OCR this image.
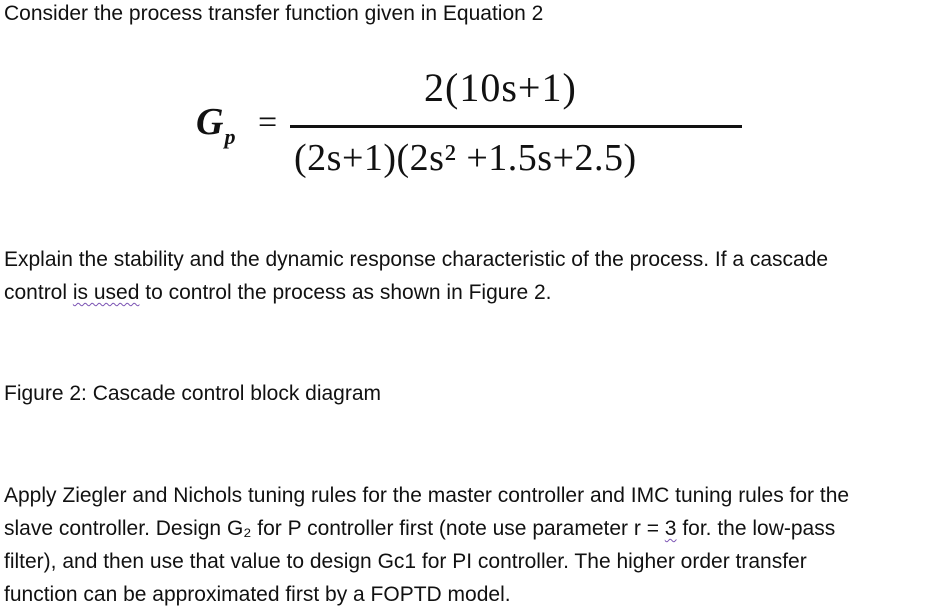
Consider the process transfer function given in Equation 2
$G_p$ =
2(10s+1)
(2s+1)(2s² +1.5s+2.5)
Explain the stability and the dynamic response characteristic of the process. If a cascade
control is used to control the process as shown in Figure 2.
Figure 2: Cascade control block diagram
Apply Ziegler and Nichols tuning rules for the master controller and IMC tuning rules for the
slave controller. Design G₂ for P controller first (note use parameter r = 3 for. the low-pass
filter), and then use that value to design Gc1 for PI controller. The higher order transfer
function can be approximated first by a FOPTD model.
